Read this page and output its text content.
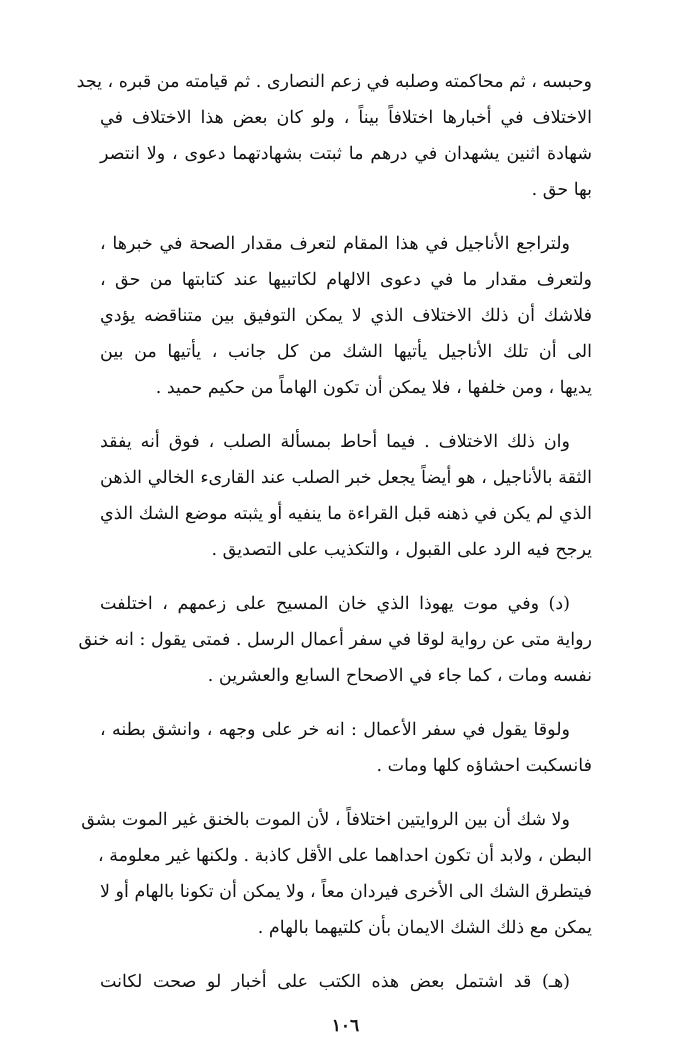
وحبسه ، ثم محاكمته وصلبه في زعم النصارى . ثم قيامته من قبره ، يجد
الاختلاف في أخبارها اختلافاً بيناً ، ولو كان بعض هذا الاختلاف في
شهادة اثنين يشهدان في درهم ما ثبتت بشهادتهما دعوى ، ولا انتصر
بها حق .

ولتراجع الأناجيل في هذا المقام لتعرف مقدار الصحة في خبرها ،
ولتعرف مقدار ما في دعوى الالهام لكاتبيها عند كتابتها من حق ،
فلاشك أن ذلك الاختلاف الذي لا يمكن التوفيق بين متناقضه يؤدي
الى أن تلك الأناجيل يأتيها الشك من كل جانب ، يأتيها من بين
يديها ، ومن خلفها ، فلا يمكن أن تكون الهاماً من حكيم حميد .

وان ذلك الاختلاف . فيما أحاط بمسألة الصلب ، فوق أنه يفقد
الثقة بالأناجيل ، هو أيضاً يجعل خبر الصلب عند القارىء الخالي الذهن
الذي لم يكن في ذهنه قبل القراءة ما ينفيه أو يثبته موضع الشك الذي
يرجح فيه الرد على القبول ، والتكذيب على التصديق .

(د) وفي موت يهوذا الذي خان المسيح على زعمهم ، اختلفت
رواية متى عن رواية لوقا في سفر أعمال الرسل . فمتى يقول : انه خنق
نفسه ومات ، كما جاء في الاصحاح السابع والعشرين .

ولوقا يقول في سفر الأعمال : انه خر على وجهه ، وانشق بطنه ،
فانسكبت احشاؤه كلها ومات .

ولا شك أن بين الروايتين اختلافاً ، لأن الموت بالخنق غير الموت بشق
البطن ، ولابد أن تكون احداهما على الأقل كاذبة . ولكنها غير معلومة ،
فيتطرق الشك الى الأخرى فيردان معاً ، ولا يمكن أن تكونا بالهام أو لا
يمكن مع ذلك الشك الايمان بأن كلتيهما بالهام .

(هـ) قد اشتمل بعض هذه الكتب على أخبار لو صحت لكانت

١٠٦
